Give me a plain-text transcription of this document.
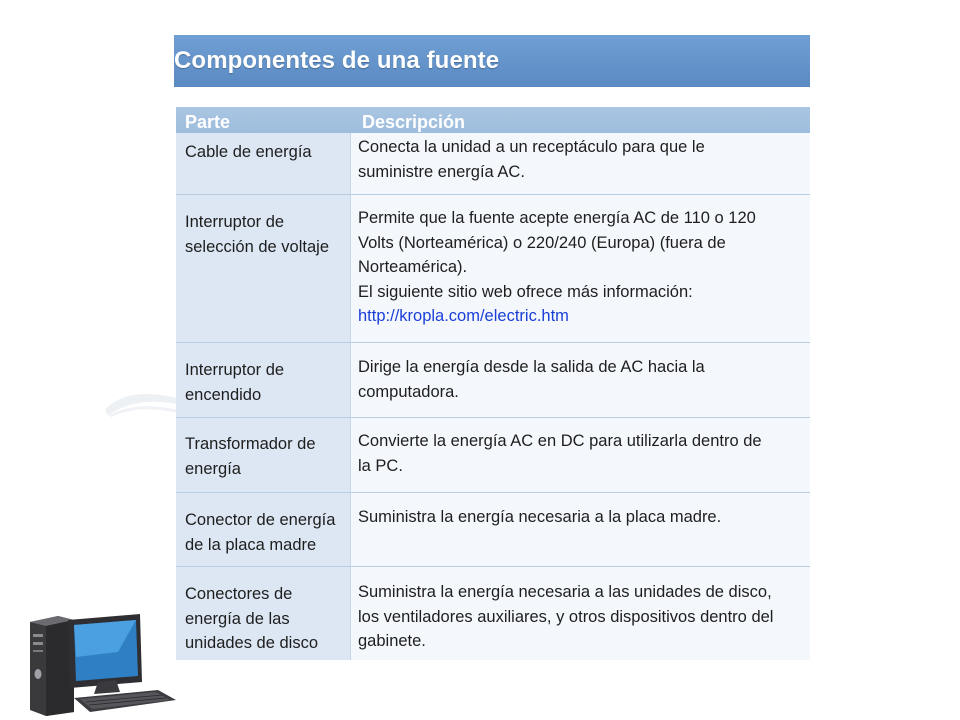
Componentes de una fuente
Parte	Descripción
Cable de energía	Conecta la unidad a un receptáculo para que le
suministre energía AC.
Interruptor de
selección de voltaje
Permite que la fuente acepte energía AC de 110 o 120
Volts (Norteamérica) o 220/240 (Europa) (fuera de
Norteamérica).
El siguiente sitio web ofrece más información:
http://kropla.com/electric.htm
Interruptor de
encendido
Dirige la energía desde la salida de AC hacia la
computadora.
Transformador de
energía
Convierte la energía AC en DC para utilizarla dentro de
la PC.
Conector de energía
de la placa madre
Suministra la energía necesaria a la placa madre.
Conectores de
energía de las
unidades de disco
Suministra la energía necesaria a las unidades de disco,
los ventiladores auxiliares, y otros dispositivos dentro del
gabinete.
